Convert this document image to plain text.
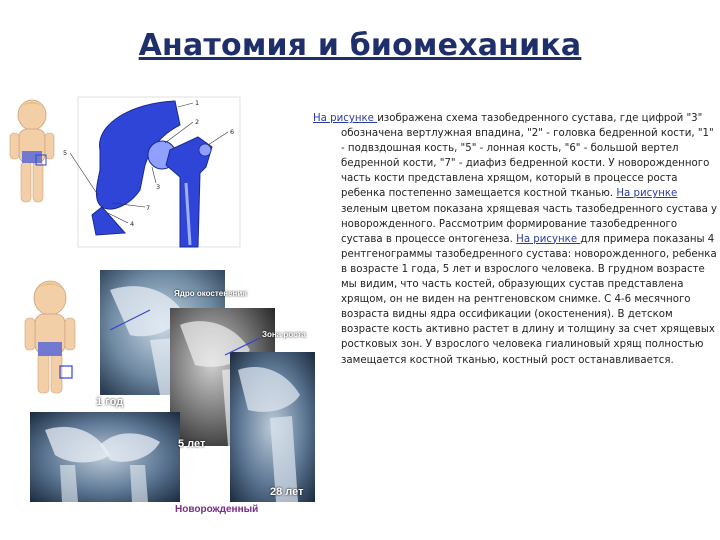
Анатомия и биомеханика
1
2
6
5
3
7
4
Ядро окостенения
Зона роста
1 год
5 лет
28 лет
Новорожденный
На рисунке изображена схема тазобедренного сустава, где цифрой "3" обозначена вертлужная впадина, "2" - головка бедренной кости, "1" - подвздошная кость, "5" - лонная кость, "6" - большой вертел бедренной кости, "7" - диафиз бедренной кости. У новорожденного часть кости представлена хрящом, который в процессе роста ребенка постепенно замещается костной тканью. На рисунке зеленым цветом показана хрящевая часть тазобедренного сустава у новорожденного. Рассмотрим формирование тазобедренного сустава в процессе онтогенеза. На рисунке для примера показаны 4 рентгенограммы тазобедренного сустава: новорожденного, ребенка в возрасте 1 года, 5 лет и взрослого человека. В грудном возрасте мы видим, что часть костей, образующих сустав представлена хрящом, он не виден на рентгеновском снимке. С 4-6 месячного возраста видны ядра оссификации (окостенения). В детском возрасте кость активно растет в длину и толщину за счет хрящевых ростковых зон. У взрослого человека гиалиновый хрящ полностью замещается костной тканью, костный рост останавливается.
